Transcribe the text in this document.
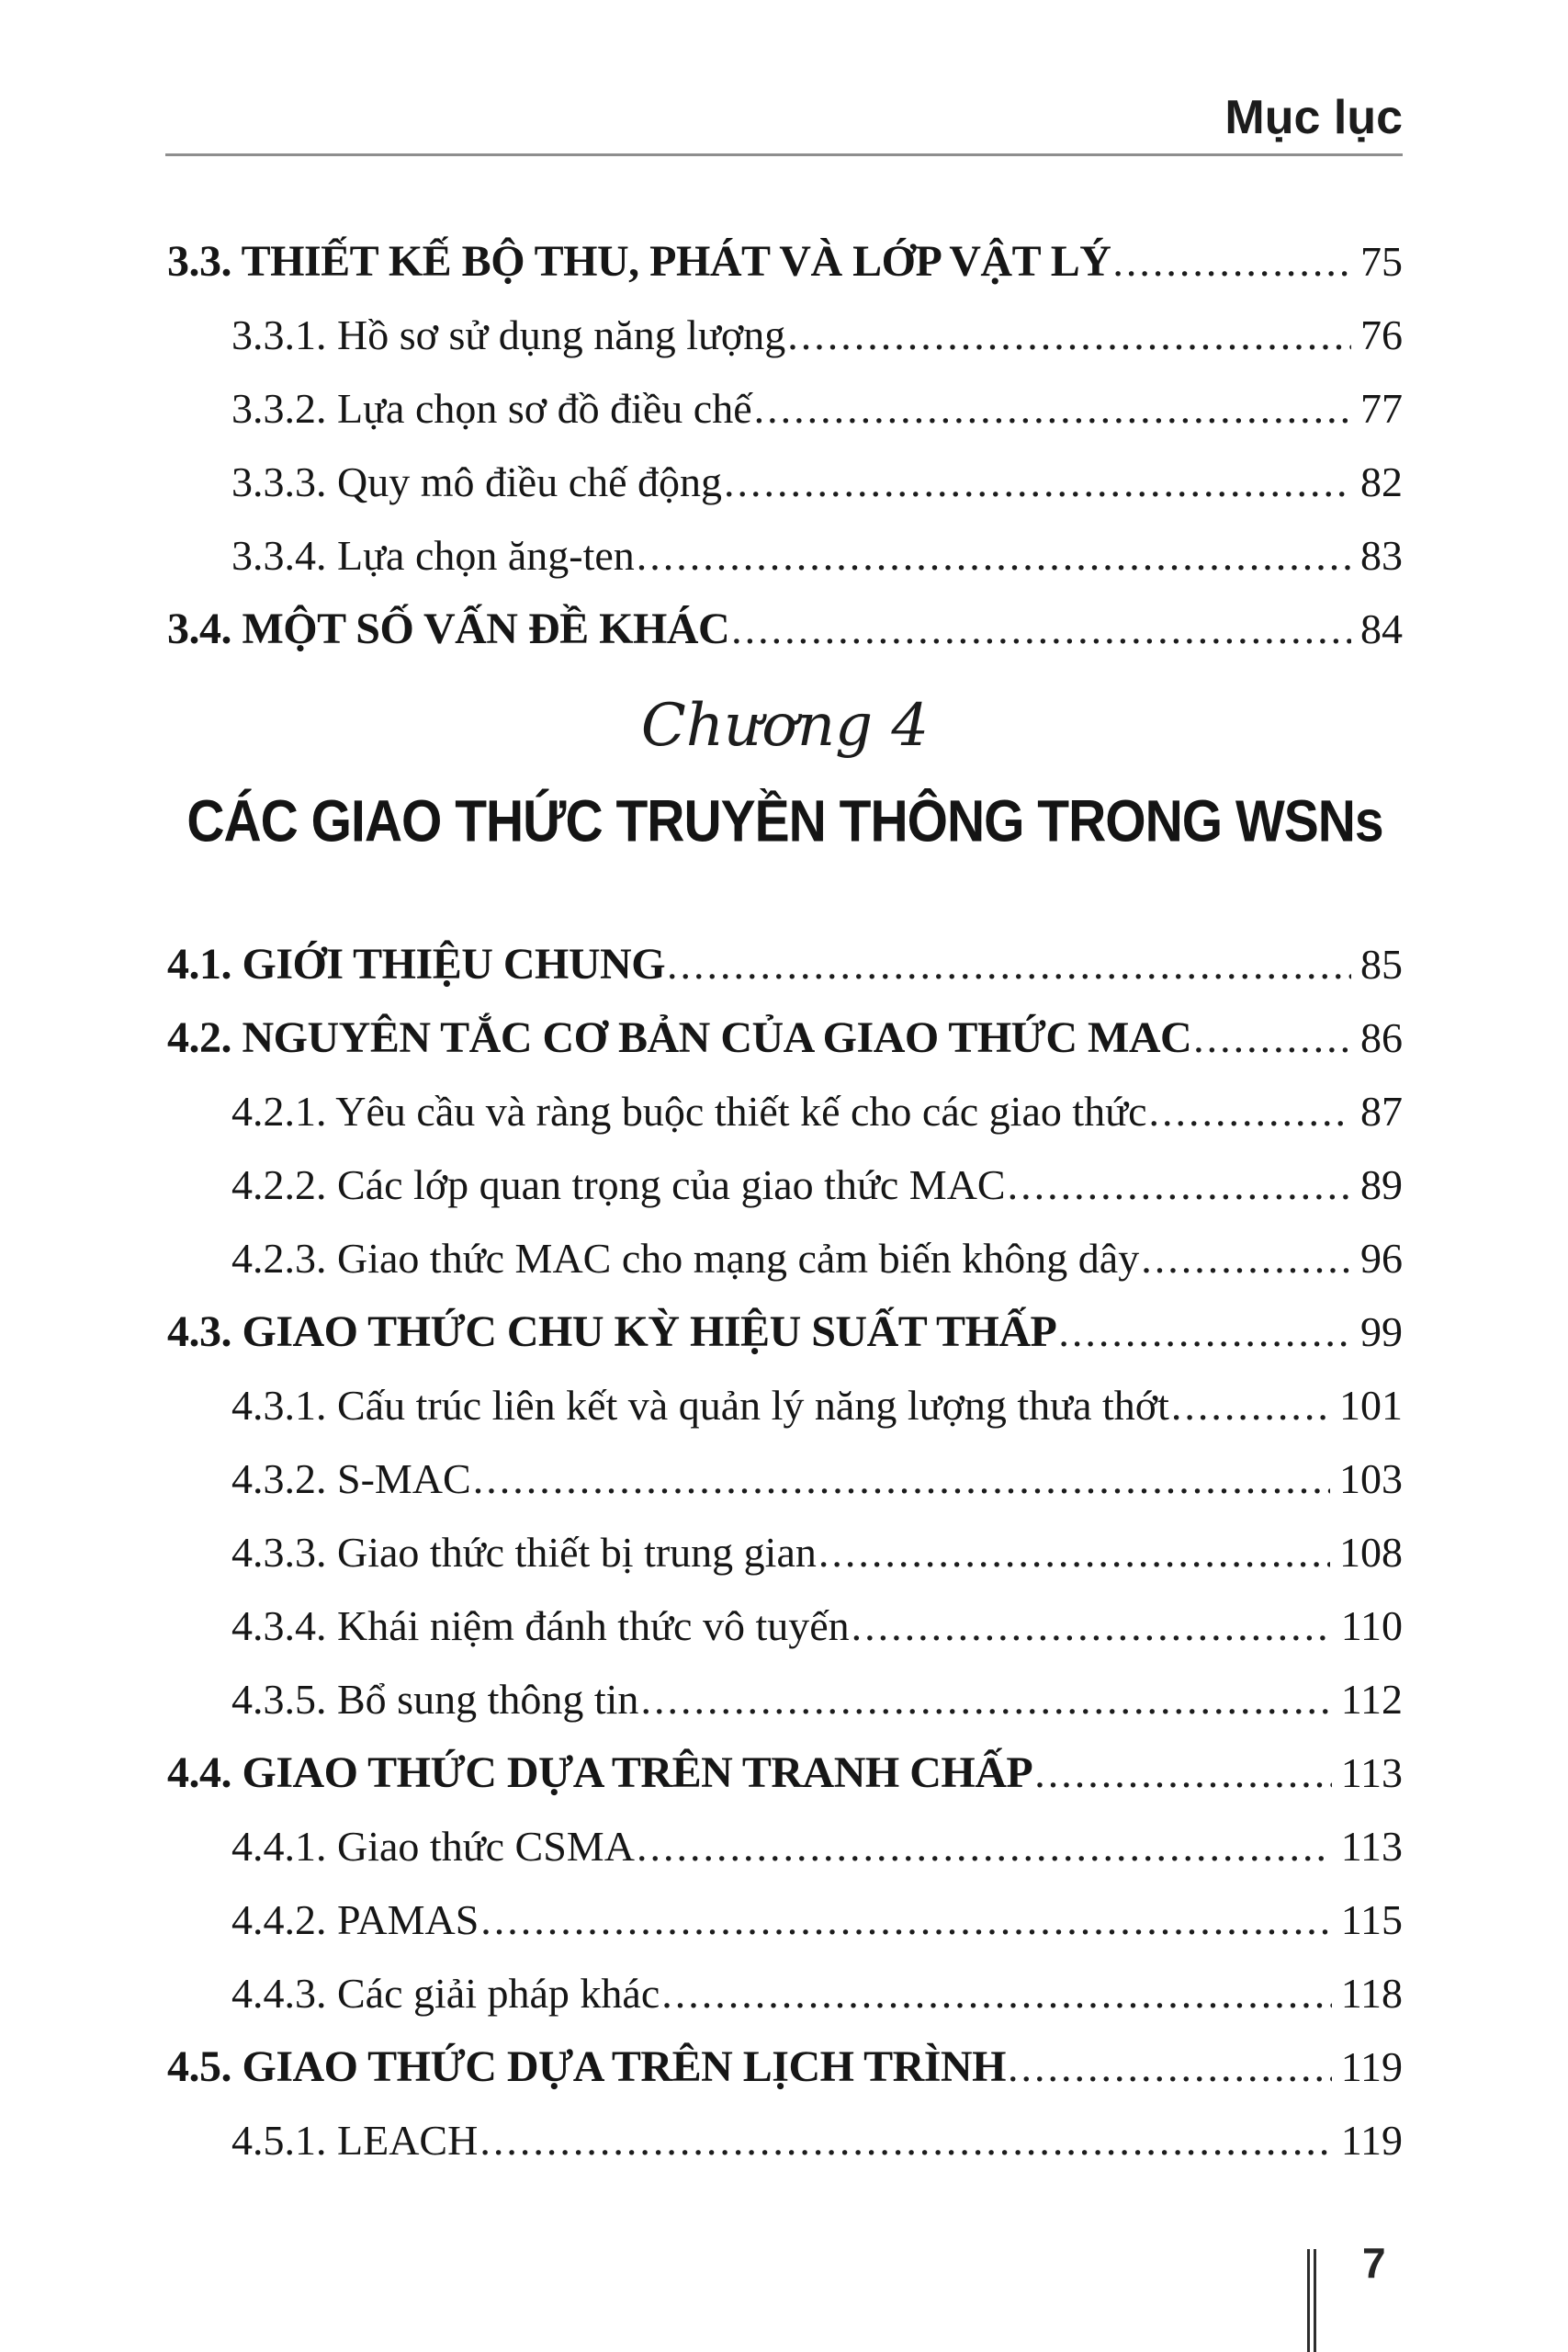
Mục lục
3.3. THIẾT KẾ BỘ THU, PHÁT VÀ LỚP VẬT LÝ .....	75
3.3.1. Hồ sơ sử dụng năng lượng .....	76
3.3.2. Lựa chọn sơ đồ điều chế .....	77
3.3.3. Quy mô điều chế động .....	82
3.3.4. Lựa chọn ăng-ten .....	83
3.4. MỘT SỐ VẤN ĐỀ KHÁC .....	84
Chương 4
CÁC GIAO THỨC TRUYỀN THÔNG TRONG WSNs
4.1. GIỚI THIỆU CHUNG .....	85
4.2. NGUYÊN TẮC CƠ BẢN CỦA GIAO THỨC MAC .....	86
4.2.1. Yêu cầu và ràng buộc thiết kế cho các giao thức .....	87
4.2.2. Các lớp quan trọng của giao thức MAC .....	89
4.2.3. Giao thức MAC cho mạng cảm biến không dây .....	96
4.3. GIAO THỨC CHU KỲ HIỆU SUẤT THẤP .....	99
4.3.1. Cấu trúc liên kết và quản lý năng lượng thưa thớt .....	101
4.3.2. S-MAC .....	103
4.3.3. Giao thức thiết bị trung gian .....	108
4.3.4. Khái niệm đánh thức vô tuyến .....	110
4.3.5. Bổ sung thông tin .....	112
4.4. GIAO THỨC DỰA TRÊN TRANH CHẤP .....	113
4.4.1. Giao thức CSMA .....	113
4.4.2. PAMAS .....	115
4.4.3. Các giải pháp khác .....	118
4.5. GIAO THỨC DỰA TRÊN LỊCH TRÌNH .....	119
4.5.1. LEACH .....	119
7
